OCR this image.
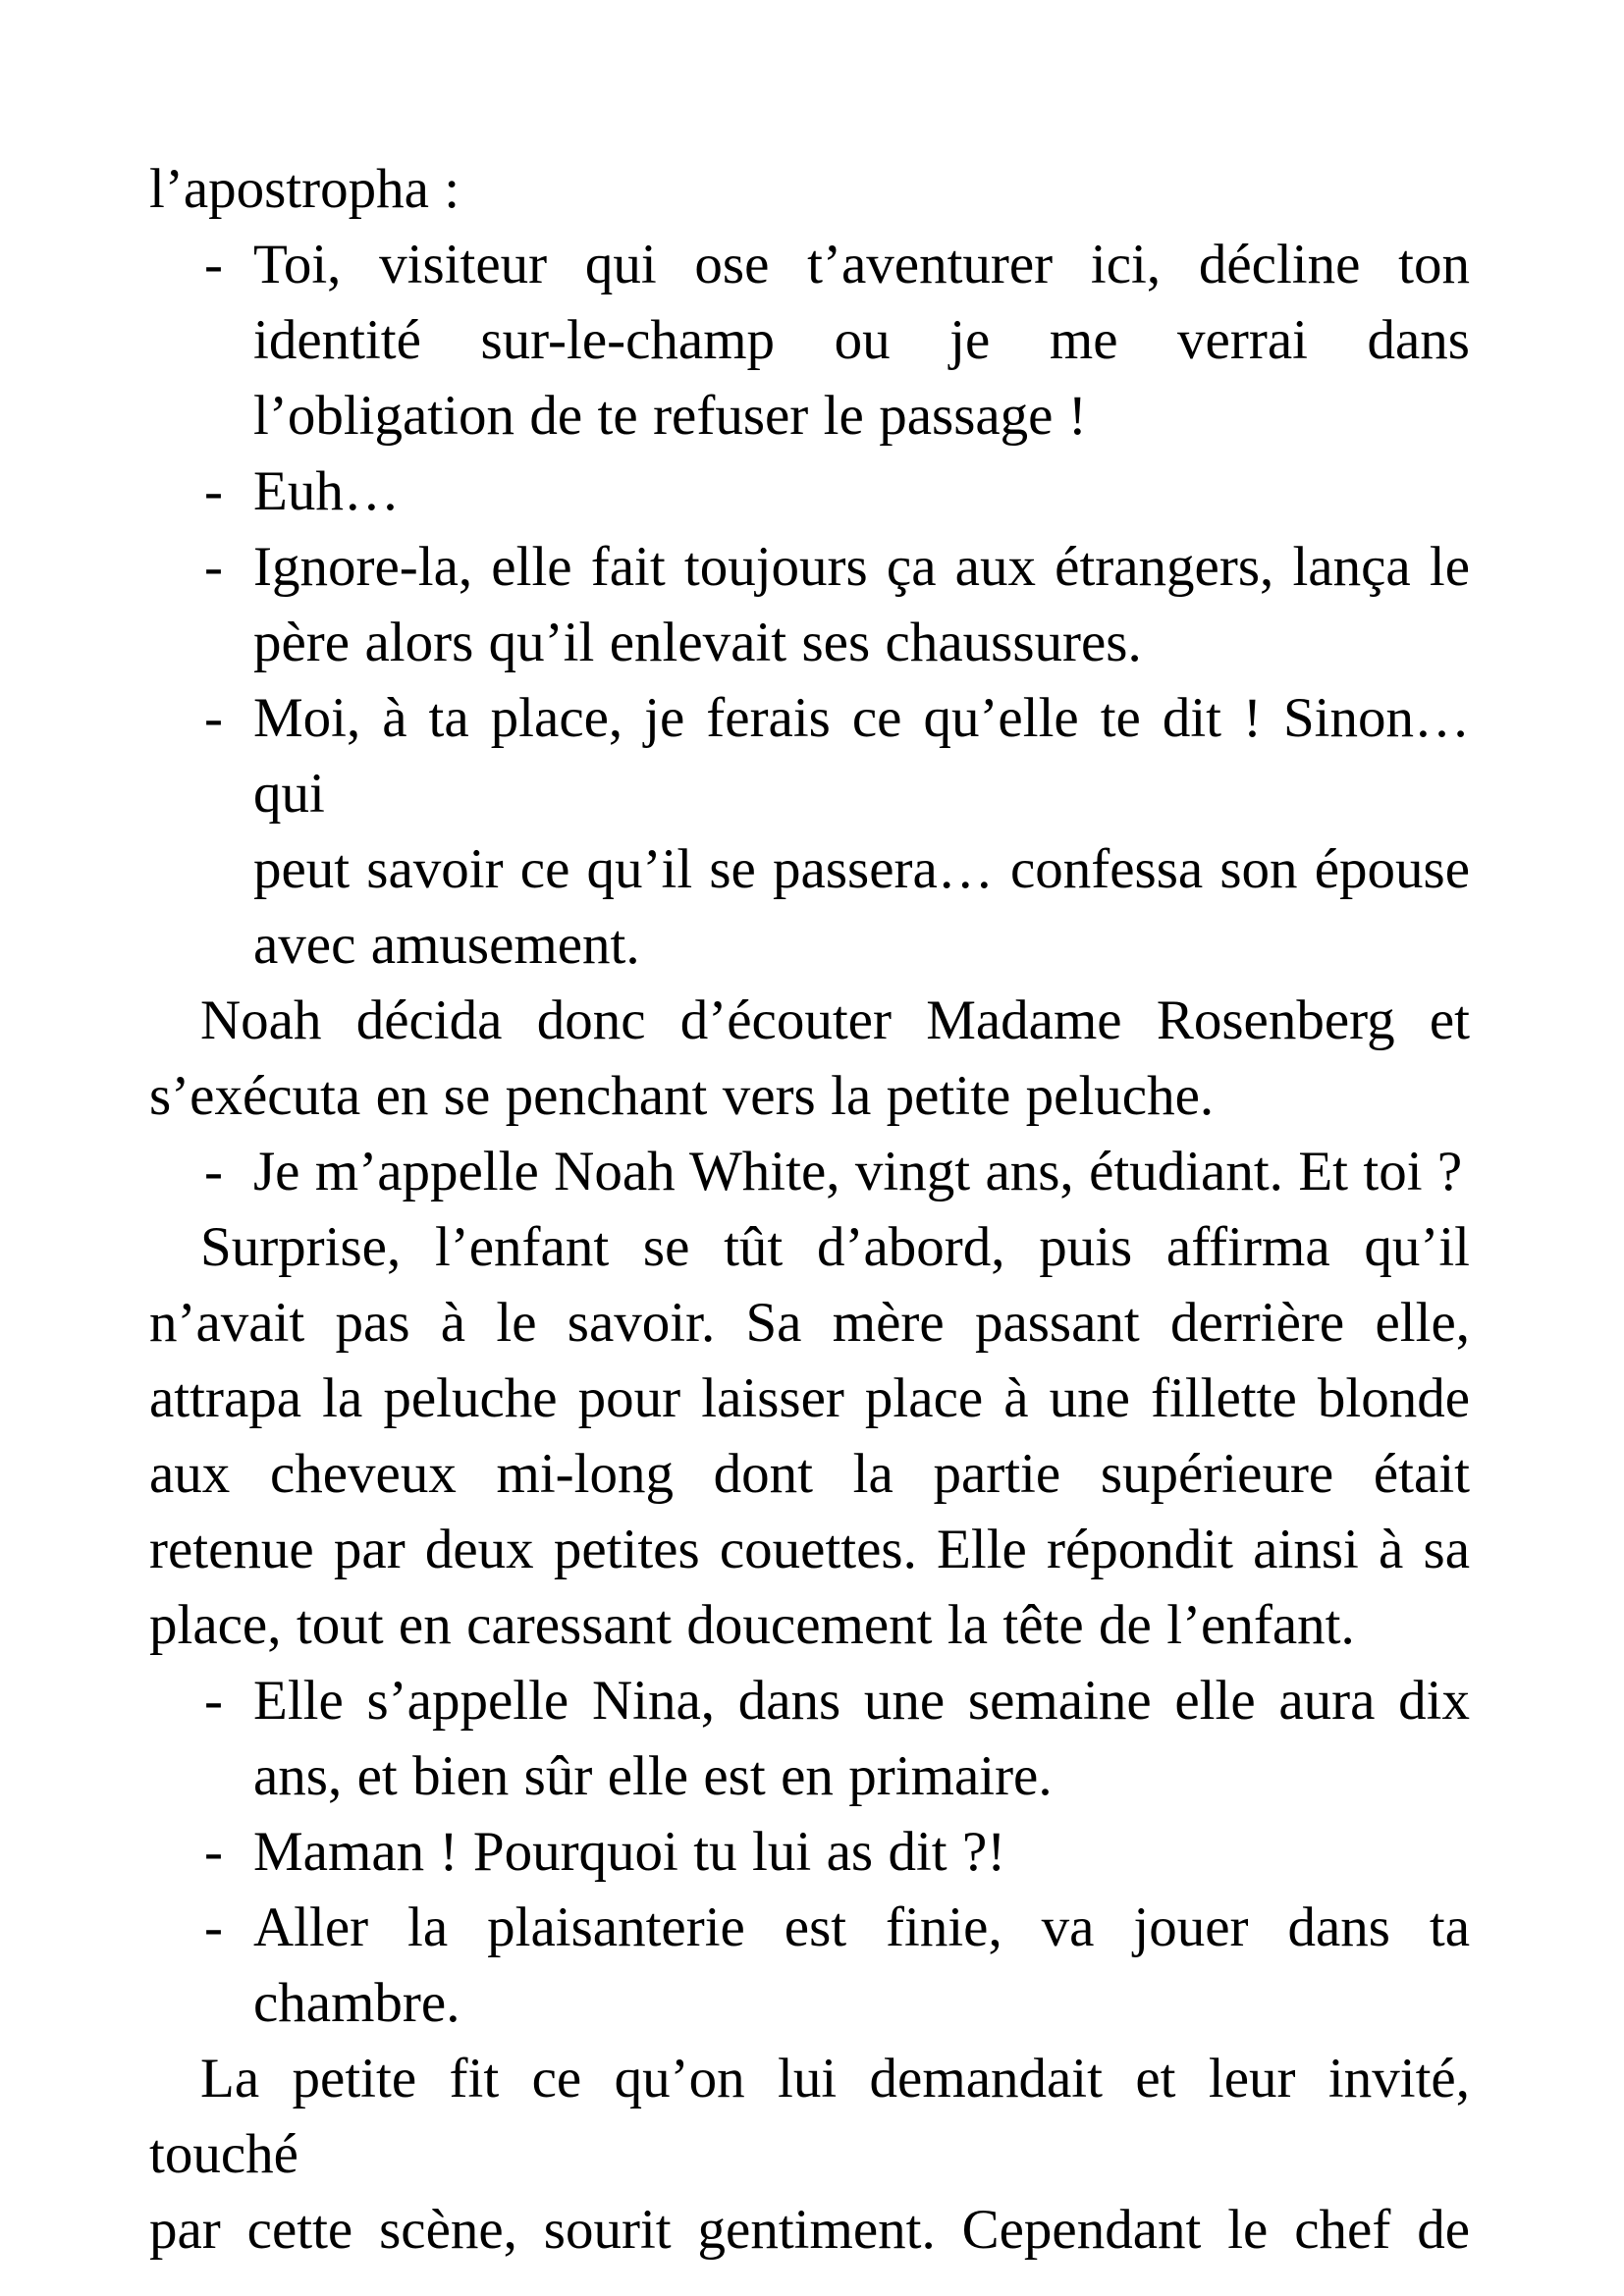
l’apostropha :
- Toi, visiteur qui ose t’aventurer ici, décline ton
identité sur-le-champ ou je me verrai dans
l’obligation de te refuser le passage !
- Euh…
- Ignore-la, elle fait toujours ça aux étrangers, lança le
père alors qu’il enlevait ses chaussures.
- Moi, à ta place, je ferais ce qu’elle te dit ! Sinon… qui
peut savoir ce qu’il se passera… confessa son épouse
avec amusement.
Noah décida donc d’écouter Madame Rosenberg et
s’exécuta en se penchant vers la petite peluche.
- Je m’appelle Noah White, vingt ans, étudiant. Et toi ?
Surprise, l’enfant se tût d’abord, puis affirma qu’il
n’avait pas à le savoir. Sa mère passant derrière elle,
attrapa la peluche pour laisser place à une fillette blonde
aux cheveux mi-long dont la partie supérieure était
retenue par deux petites couettes. Elle répondit ainsi à sa
place, tout en caressant doucement la tête de l’enfant.
- Elle s’appelle Nina, dans une semaine elle aura dix
ans, et bien sûr elle est en primaire.
- Maman ! Pourquoi tu lui as dit ?!
- Aller la plaisanterie est finie, va jouer dans ta
chambre.
La petite fit ce qu’on lui demandait et leur invité, touché
par cette scène, sourit gentiment. Cependant le chef de
